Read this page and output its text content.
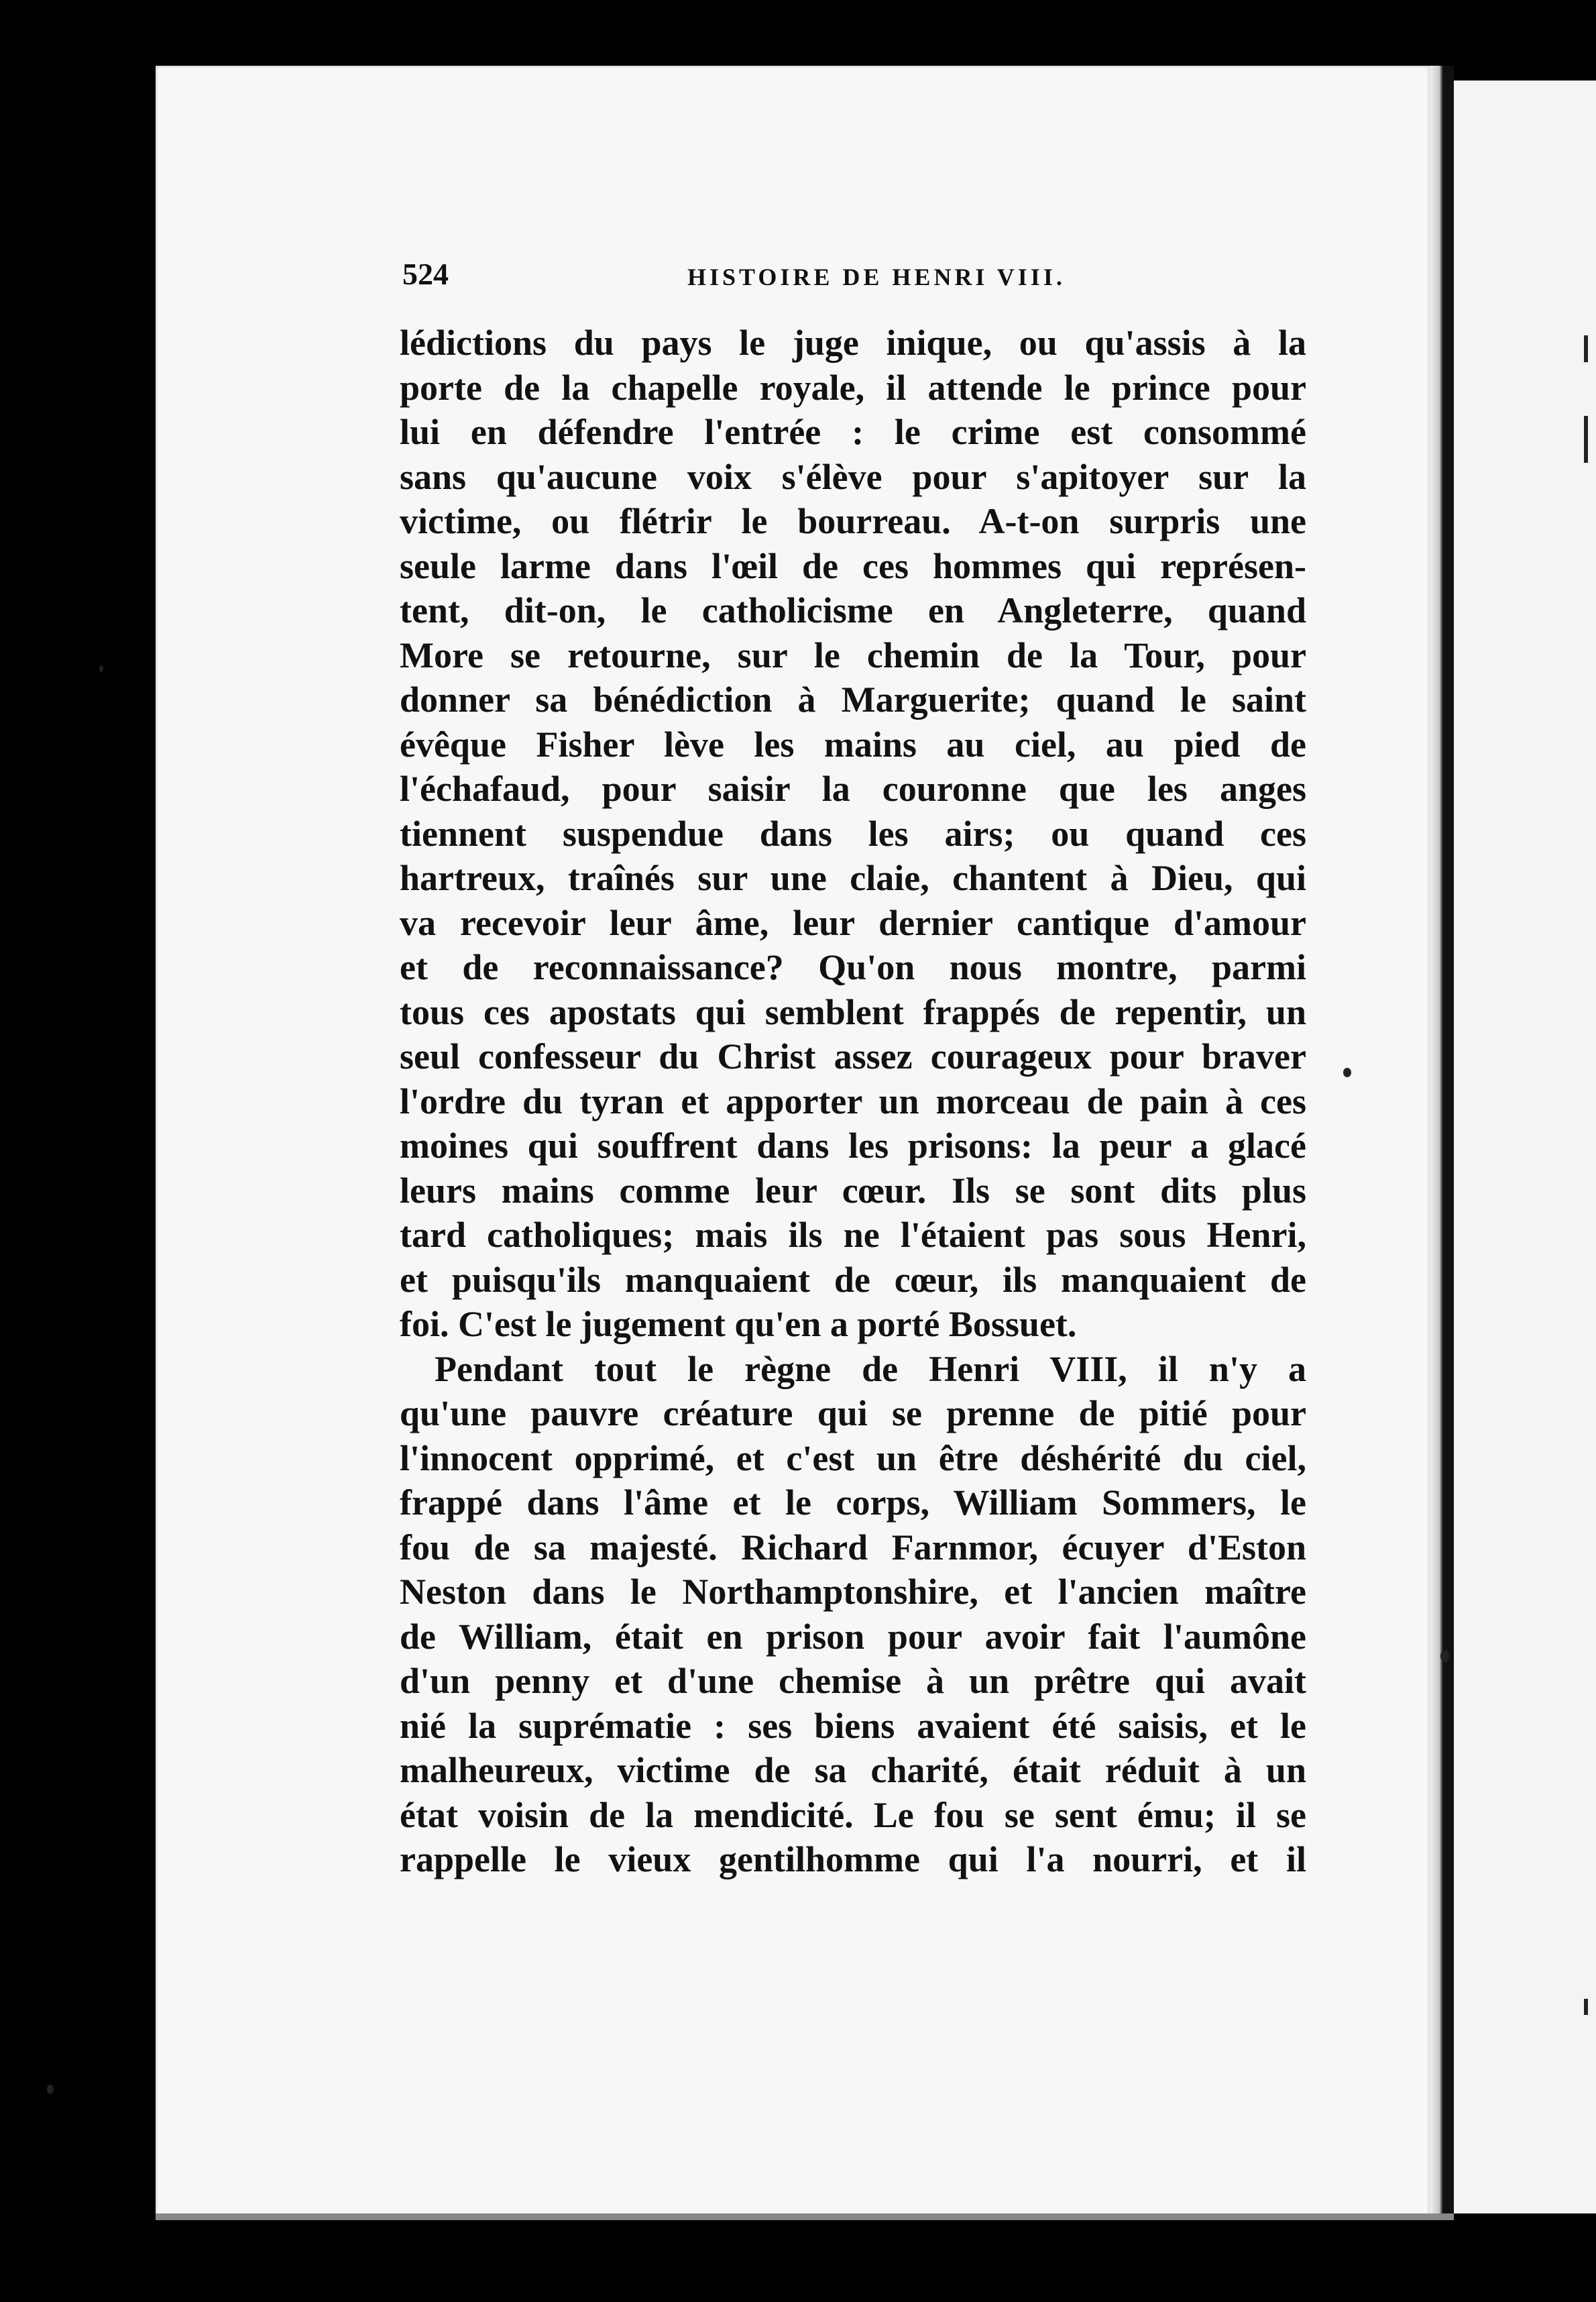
524	HISTOIRE DE HENRI VIII.
lédictions du pays le juge inique, ou qu'assis à la
porte de la chapelle royale, il attende le prince pour
lui en défendre l'entrée : le crime est consommé
sans qu'aucune voix s'élève pour s'apitoyer sur la
victime, ou flétrir le bourreau. A-t-on surpris une
seule larme dans l'œil de ces hommes qui représen-
tent, dit-on, le catholicisme en Angleterre, quand
More se retourne, sur le chemin de la Tour, pour
donner sa bénédiction à Marguerite; quand le saint
évêque Fisher lève les mains au ciel, au pied de
l'échafaud, pour saisir la couronne que les anges
tiennent suspendue dans les airs; ou quand ces
hartreux, traînés sur une claie, chantent à Dieu, qui
va recevoir leur âme, leur dernier cantique d'amour
et de reconnaissance? Qu'on nous montre, parmi
tous ces apostats qui semblent frappés de repentir, un
seul confesseur du Christ assez courageux pour braver
l'ordre du tyran et apporter un morceau de pain à ces
moines qui souffrent dans les prisons: la peur a glacé
leurs mains comme leur cœur. Ils se sont dits plus
tard catholiques; mais ils ne l'étaient pas sous Henri,
et puisqu'ils manquaient de cœur, ils manquaient de
foi. C'est le jugement qu'en a porté Bossuet.
Pendant tout le règne de Henri VIII, il n'y a
qu'une pauvre créature qui se prenne de pitié pour
l'innocent opprimé, et c'est un être déshérité du ciel,
frappé dans l'âme et le corps, William Sommers, le
fou de sa majesté. Richard Farnmor, écuyer d'Eston
Neston dans le Northamptonshire, et l'ancien maître
de William, était en prison pour avoir fait l'aumône
d'un penny et d'une chemise à un prêtre qui avait
nié la suprématie : ses biens avaient été saisis, et le
malheureux, victime de sa charité, était réduit à un
état voisin de la mendicité. Le fou se sent ému; il se
rappelle le vieux gentilhomme qui l'a nourri, et il
